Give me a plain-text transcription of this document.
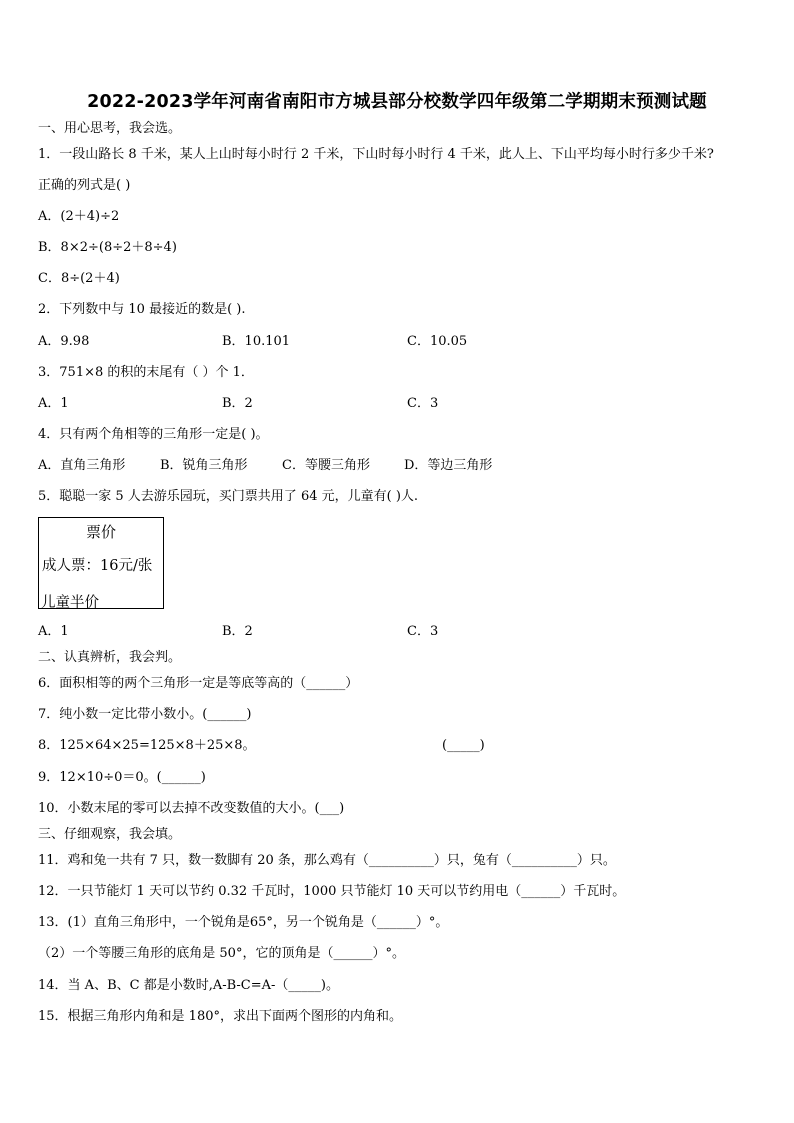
2022-2023学年河南省南阳市方城县部分校数学四年级第二学期期末预测试题
一、用心思考，我会选。
1．一段山路长 8 千米，某人上山时每小时行 2 千米，下山时每小时行 4 千米，此人上、下山平均每小时行多少千米?
正确的列式是( )
A．(2＋4)÷2
B．8×2÷(8÷2＋8÷4)
C．8÷(2＋4)
2．下列数中与 10 最接近的数是( ).
A．9.98	B．10.101	C．10.05
3．751×8 的积的末尾有（ ）个 1．
A．1	B．2	C．3
4．只有两个角相等的三角形一定是( )。
A．直角三角形	B．锐角三角形	C．等腰三角形	D．等边三角形
5．聪聪一家 5 人去游乐园玩，买门票共用了 64 元，儿童有( )人.
票价
成人票：16元/张
儿童半价
A．1	B．2	C．3
二、认真辨析，我会判。
6．面积相等的两个三角形一定是等底等高的（______）
7．纯小数一定比带小数小。(______)
8．125×64×25=125×8＋25×8。	(_____)
9．12×10÷0＝0。(______)
10．小数末尾的零可以去掉不改变数值的大小。(___)
三、仔细观察，我会填。
11．鸡和兔一共有 7 只，数一数脚有 20 条，那么鸡有（__________）只，兔有（__________）只。
12．一只节能灯 1 天可以节约 0.32 千瓦时，1000 只节能灯 10 天可以节约用电（______）千瓦时。
13．(1）直角三角形中，一个锐角是65°，另一个锐角是（______）°。
（2）一个等腰三角形的底角是 50°，它的顶角是（______）°。
14．当 A、B、C 都是小数时,A-B-C=A-（_____)。
15．根据三角形内角和是 180°，求出下面两个图形的内角和。
